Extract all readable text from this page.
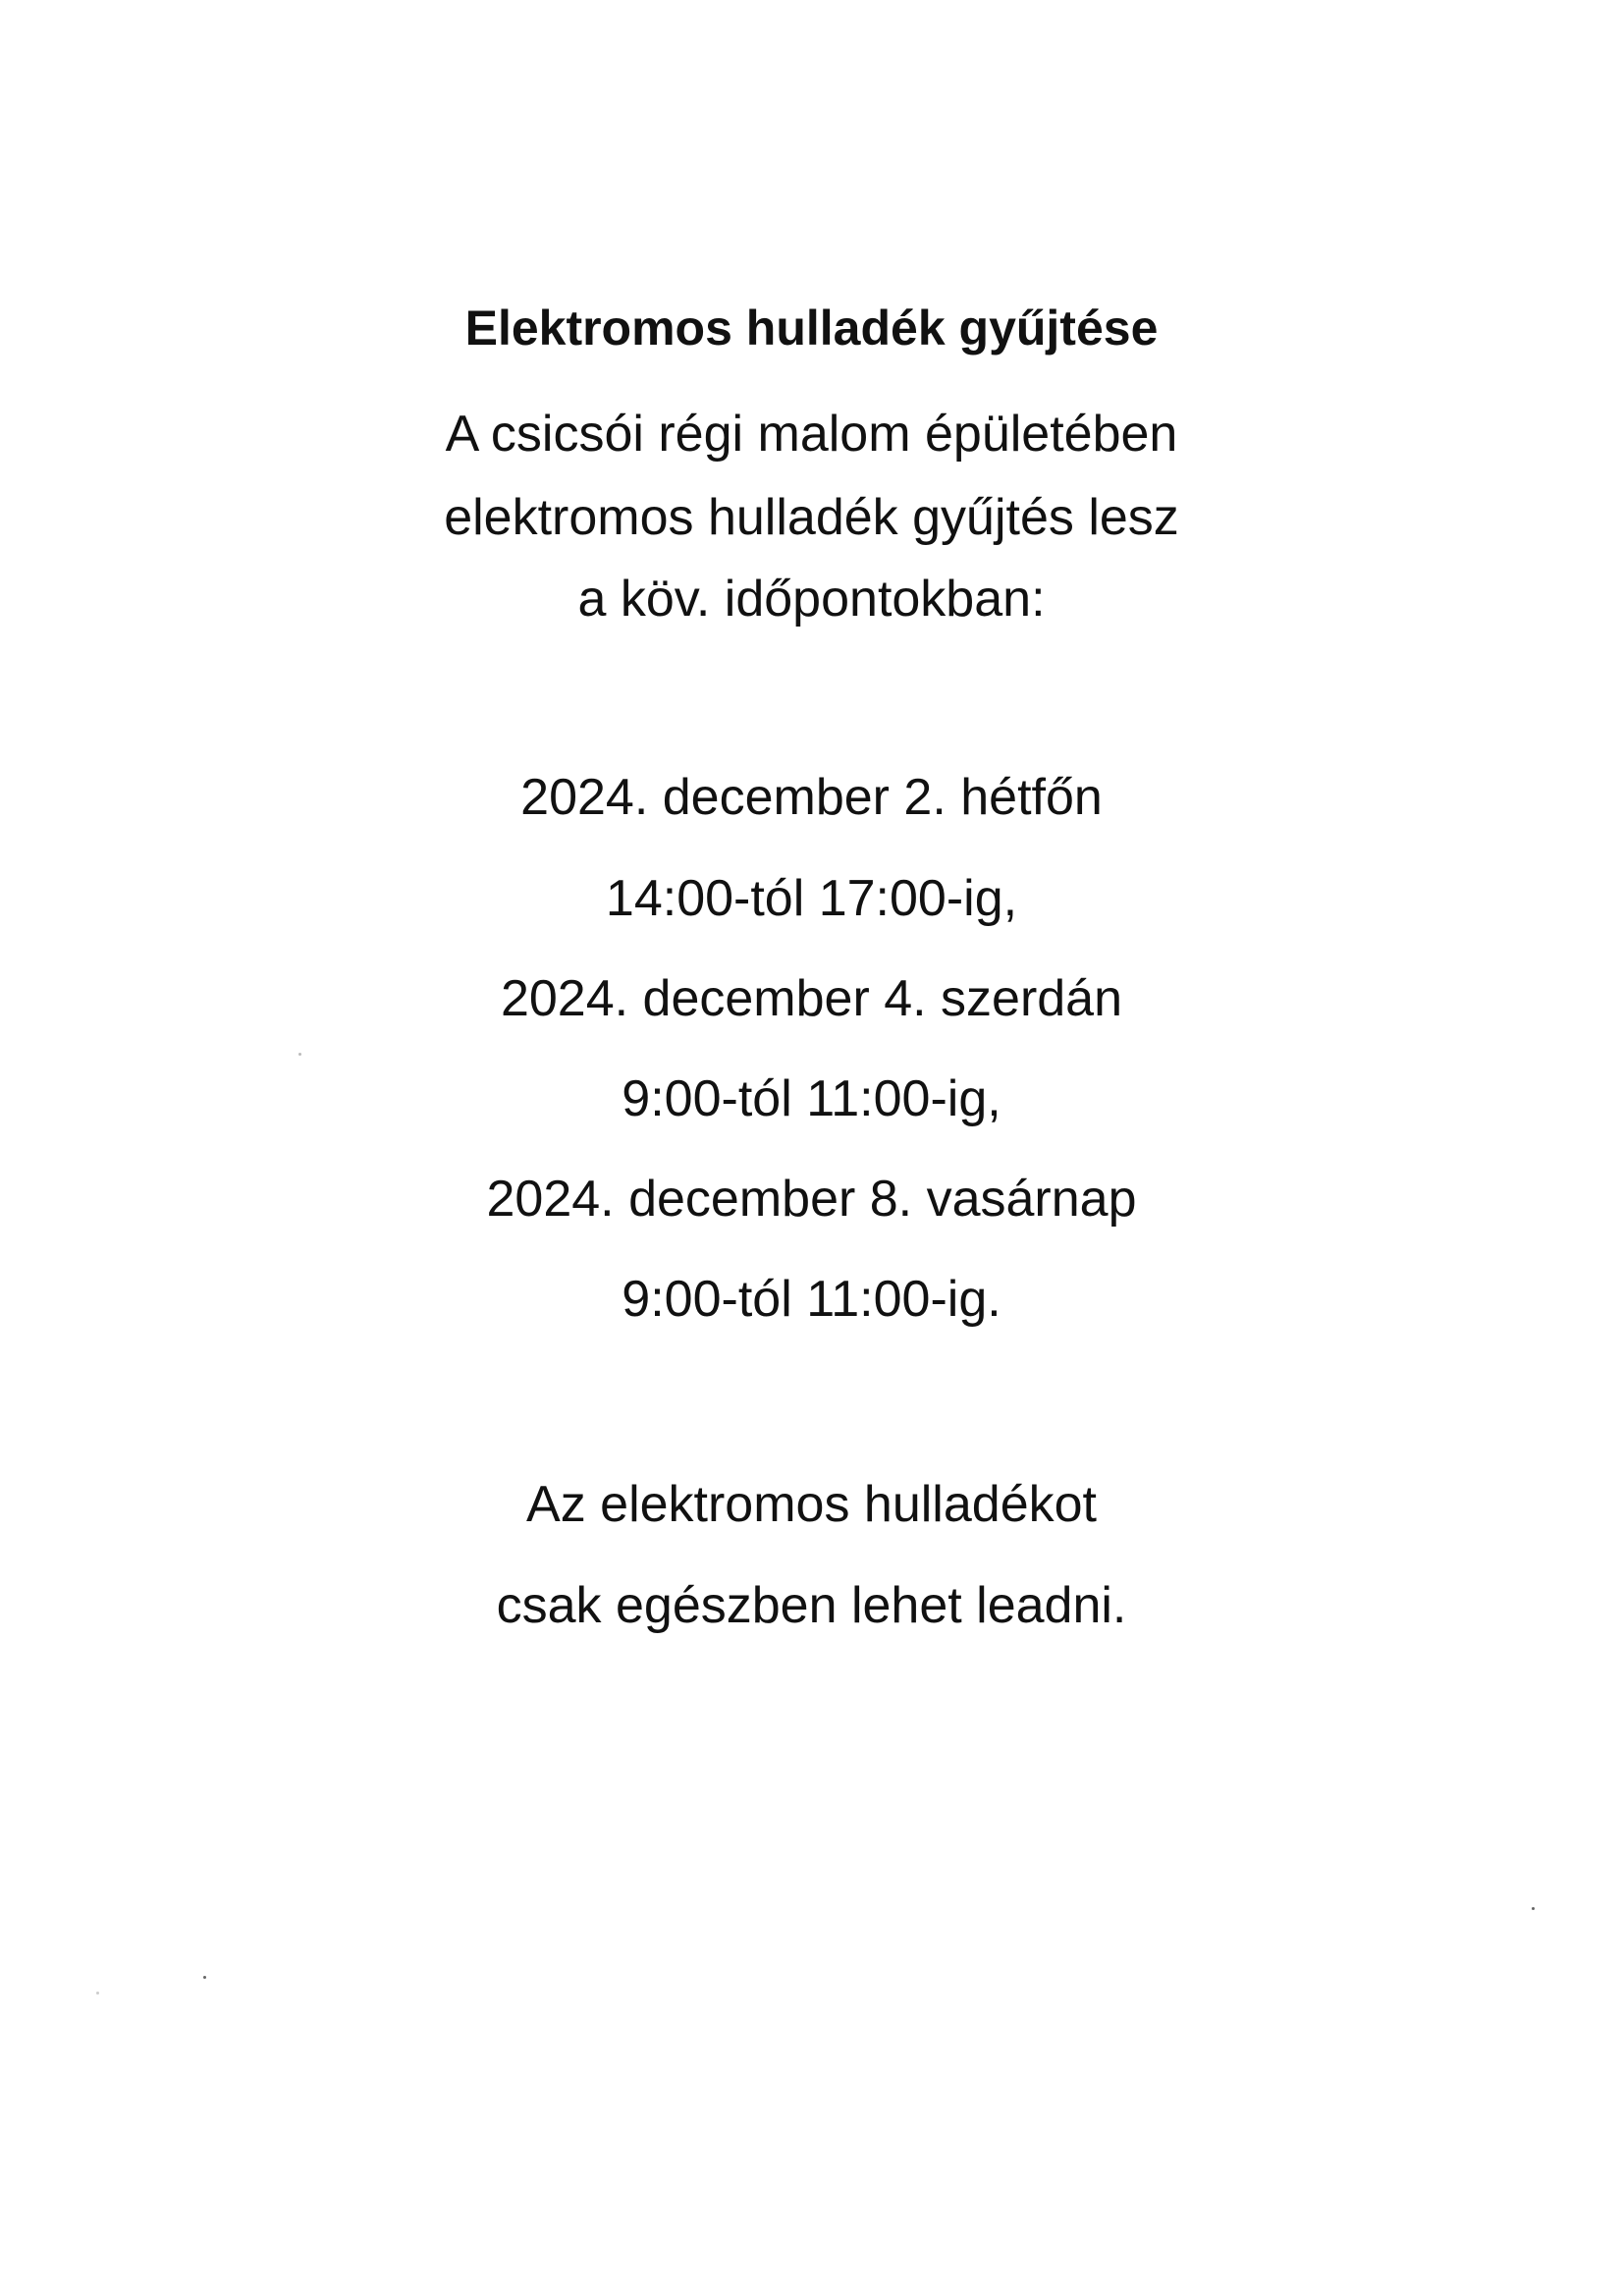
Elektromos hulladék gyűjtése
A csicsói régi malom épületében
elektromos hulladék gyűjtés lesz
a köv. időpontokban:
2024. december 2. hétfőn
14:00-tól 17:00-ig,
2024. december 4. szerdán
9:00-tól 11:00-ig,
2024. december 8. vasárnap
9:00-tól 11:00-ig.
Az elektromos hulladékot
csak egészben lehet leadni.
